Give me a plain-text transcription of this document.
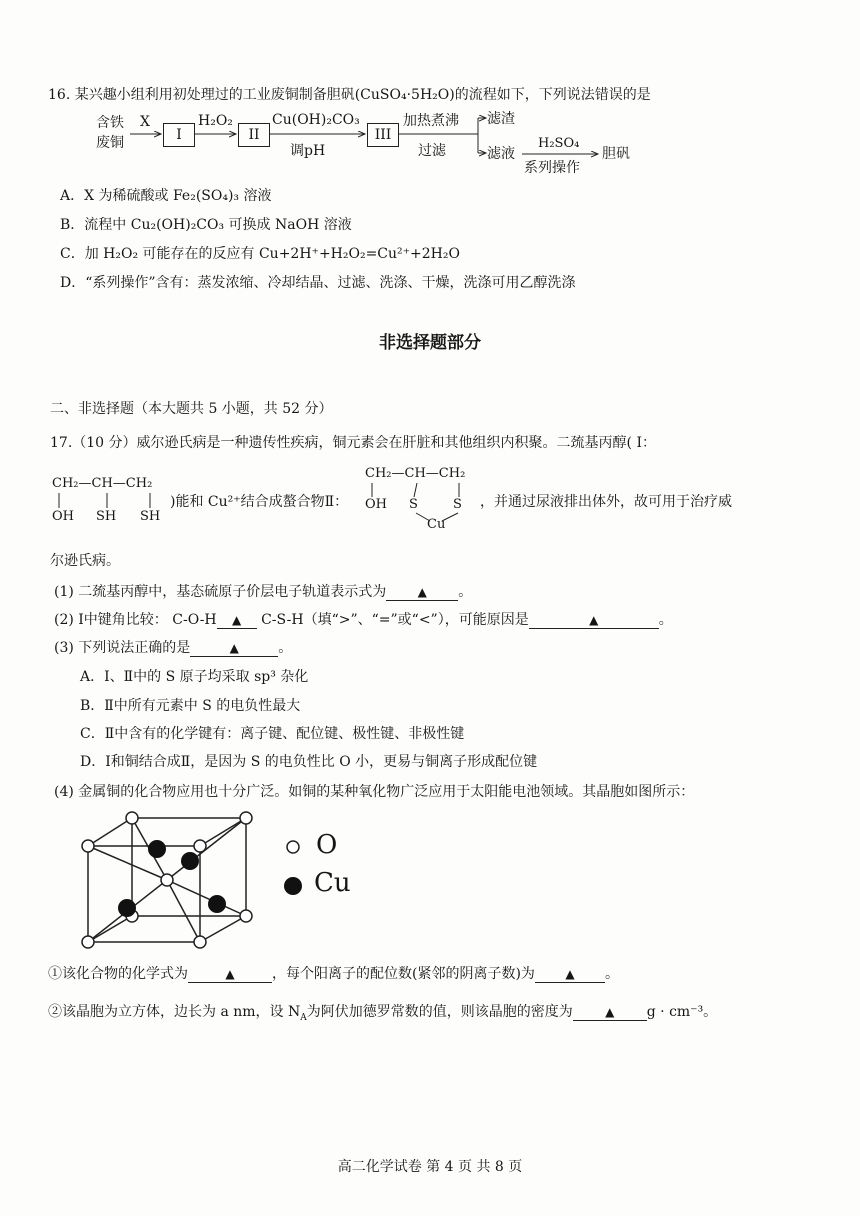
16. 某兴趣小组利用初处理过的工业废铜制备胆矾(CuSO₄·5H₂O)的流程如下，下列说法错误的是
含铁
废铜
X
I
H₂O₂
II
Cu(OH)₂CO₃
调pH
III
加热煮沸
过滤
滤渣
滤液
H₂SO₄
系列操作
胆矾
A．X 为稀硫酸或 Fe₂(SO₄)₃ 溶液
B．流程中 Cu₂(OH)₂CO₃ 可换成 NaOH 溶液
C．加 H₂O₂ 可能存在的反应有 Cu+2H⁺+H₂O₂=Cu²⁺+2H₂O
D．“系列操作”含有：蒸发浓缩、冷却结晶、过滤、洗涤、干燥，洗涤可用乙醇洗涤
非选择题部分
二、非选择题（本大题共 5 小题，共 52 分）
17.（10 分）威尔逊氏病是一种遗传性疾病，铜元素会在肝脏和其他组织内积聚。二巯基丙醇( I：
CH₂—CH—CH₂
OH SH SH
)能和 Cu²⁺结合成螯合物Ⅱ：
CH₂—CH—CH₂
OH S	S
Cu
，并通过尿液排出体外，故可用于治疗威
尔逊氏病。
(1) 二巯基丙醇中，基态硫原子价层电子轨道表示式为	▲ 。
(2) Ⅰ中键角比较： C-O-H ▲ C-S-H（填“>”、“=”或“<”），可能原因是	▲	。
(3) 下列说法正确的是	▲	。
A．Ⅰ、Ⅱ中的 S 原子均采取 sp³ 杂化
B．Ⅱ中所有元素中 S 的电负性最大
C．Ⅱ中含有的化学键有：离子键、配位键、极性键、非极性键
D．Ⅰ和铜结合成Ⅱ，是因为 S 的电负性比 O 小，更易与铜离子形成配位键
(4) 金属铜的化合物应用也十分广泛。如铜的某种氧化物广泛应用于太阳能电池领域。其晶胞如图所示：
O
Cu
①该化合物的化学式为	▲	，每个阳离子的配位数(紧邻的阴离子数)为	▲ 。
②该晶胞为立方体，边长为 a nm，设 $N_A$为阿伏加德罗常数的值，则该晶胞的密度为	▲ g · cm⁻³。
高二化学试卷 第 4 页 共 8 页
